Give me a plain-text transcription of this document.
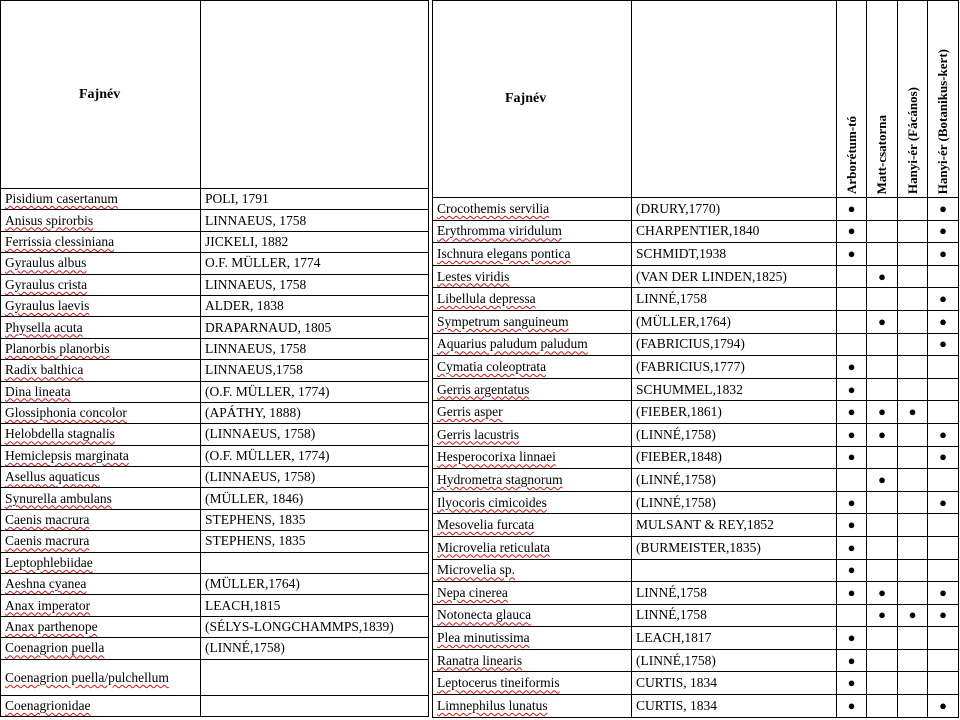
Fajnév	
Pisidium casertanum	POLI, 1791
Anisus spirorbis	LINNAEUS, 1758
Ferrissia clessiniana	JICKELI, 1882
Gyraulus albus	O.F. MÜLLER, 1774
Gyraulus crista	LINNAEUS, 1758
Gyraulus laevis	ALDER, 1838
Physella acuta	DRAPARNAUD, 1805
Planorbis planorbis	LINNAEUS, 1758
Radix balthica	LINNAEUS,1758
Dina lineata	(O.F. MÜLLER, 1774)
Glossiphonia concolor	(APÁTHY, 1888)
Helobdella stagnalis	(LINNAEUS, 1758)
Hemiclepsis marginata	(O.F. MÜLLER, 1774)
Asellus aquaticus	(LINNAEUS, 1758)
Synurella ambulans	(MÜLLER, 1846)
Caenis macrura	STEPHENS, 1835
Caenis macrura	STEPHENS, 1835
Leptophlebiidae	
Aeshna cyanea	(MÜLLER,1764)
Anax imperator	LEACH,1815
Anax parthenope	(SÉLYS-LONGCHAMMPS,1839)
Coenagrion puella	(LINNÉ,1758)
Coenagrion puella/pulchellum	
Coenagrionidae	
Fajnév		Arborétum-tó	Matt-csatorna	Hanyi-ér (Fácános)	Hanyi-ér (Botanikus-kert)
Crocothemis servilia	(DRURY,1770)	●			●
Erythromma viridulum	CHARPENTIER,1840	●			●
Ischnura elegans pontica	SCHMIDT,1938	●			●
Lestes viridis	(VAN DER LINDEN,1825)		●		
Libellula depressa	LINNÉ,1758				●
Sympetrum sanguineum	(MÜLLER,1764)		●		●
Aquarius paludum paludum	(FABRICIUS,1794)				●
Cymatia coleoptrata	(FABRICIUS,1777)	●			
Gerris argentatus	SCHUMMEL,1832	●			
Gerris asper	(FIEBER,1861)	●	●	●	
Gerris lacustris	(LINNÉ,1758)	●	●		●
Hesperocorixa linnaei	(FIEBER,1848)	●			●
Hydrometra stagnorum	(LINNÉ,1758)		●		
Ilyocoris cimicoides	(LINNÉ,1758)	●			●
Mesovelia furcata	MULSANT & REY,1852	●			
Microvelia reticulata	(BURMEISTER,1835)	●			
Microvelia sp.		●			
Nepa cinerea	LINNÉ,1758	●	●		●
Notonecta glauca	LINNÉ,1758		●	●	●
Plea minutissima	LEACH,1817	●			
Ranatra linearis	(LINNÉ,1758)	●			
Leptocerus tineiformis	CURTIS, 1834	●			
Limnephilus lunatus	CURTIS, 1834	●			●
